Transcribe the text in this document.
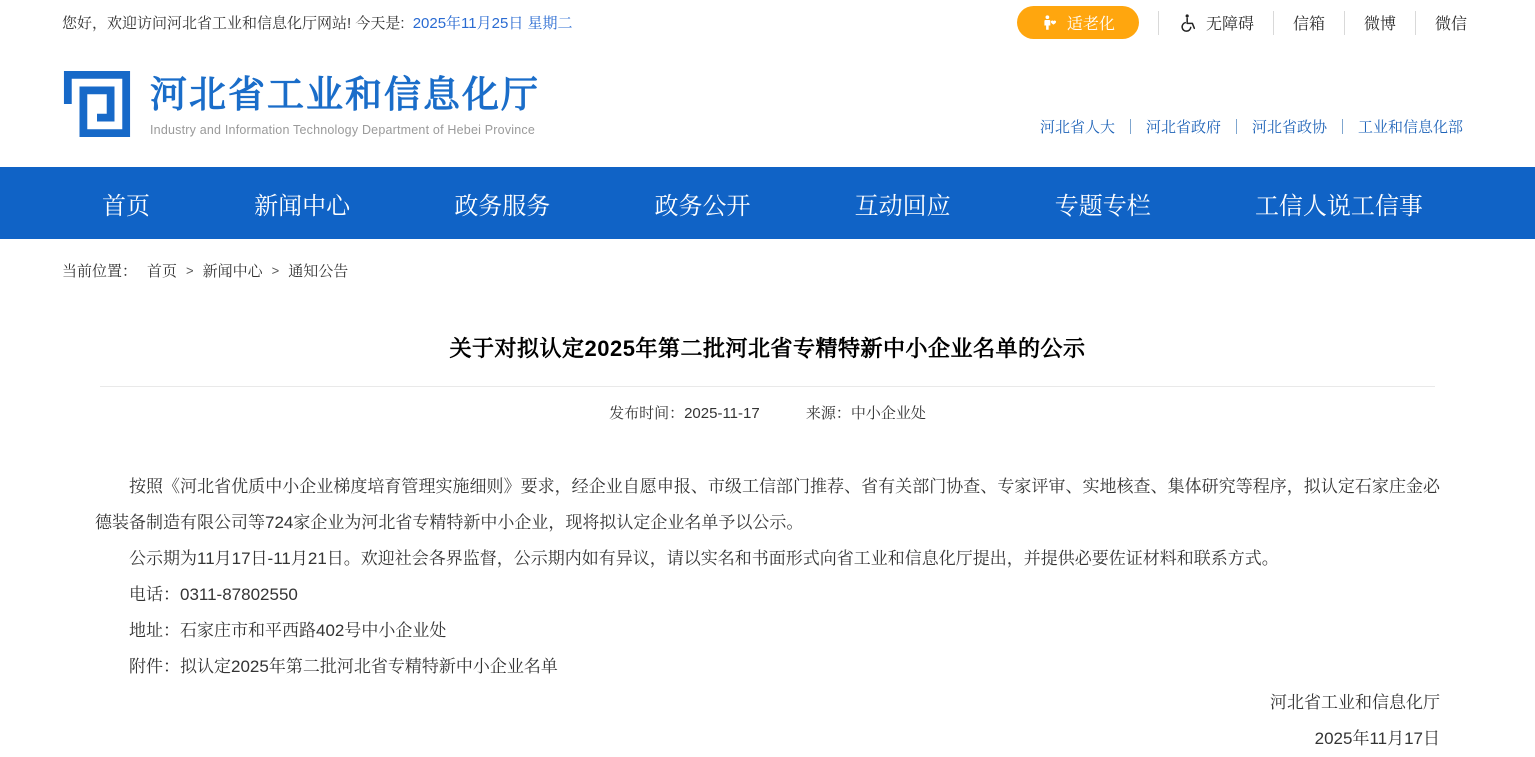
您好，欢迎访问河北省工业和信息化厅网站! 今天是: 2025年11月25日 星期二	适老化	无障碍 信箱 微博 微信
河北省工业和信息化厅
Industry and Information Technology Department of Hebei Province	河北省人大 河北省政府 河北省政协 工业和信息化部
首页	新闻中心	政务服务	政务公开	互动回应	专题专栏	工信人说工信事
当前位置： 首页 > 新闻中心 > 通知公告
关于对拟认定2025年第二批河北省专精特新中小企业名单的公示
发布时间：2025-11-17	来源：中小企业处

按照《河北省优质中小企业梯度培育管理实施细则》要求，经企业自愿申报、市级工信部门推荐、省有关部门协查、专家评审、实地核查、集体研究等程序，拟认定石家庄金必德装备制造有限公司等724家企业为河北省专精特新中小企业，现将拟认定企业名单予以公示。

公示期为11月17日-11月21日。欢迎社会各界监督，公示期内如有异议，请以实名和书面形式向省工业和信息化厅提出，并提供必要佐证材料和联系方式。

电话：0311-87802550

地址：石家庄市和平西路402号中小企业处

附件：拟认定2025年第二批河北省专精特新中小企业名单

河北省工业和信息化厅
2025年11月17日
